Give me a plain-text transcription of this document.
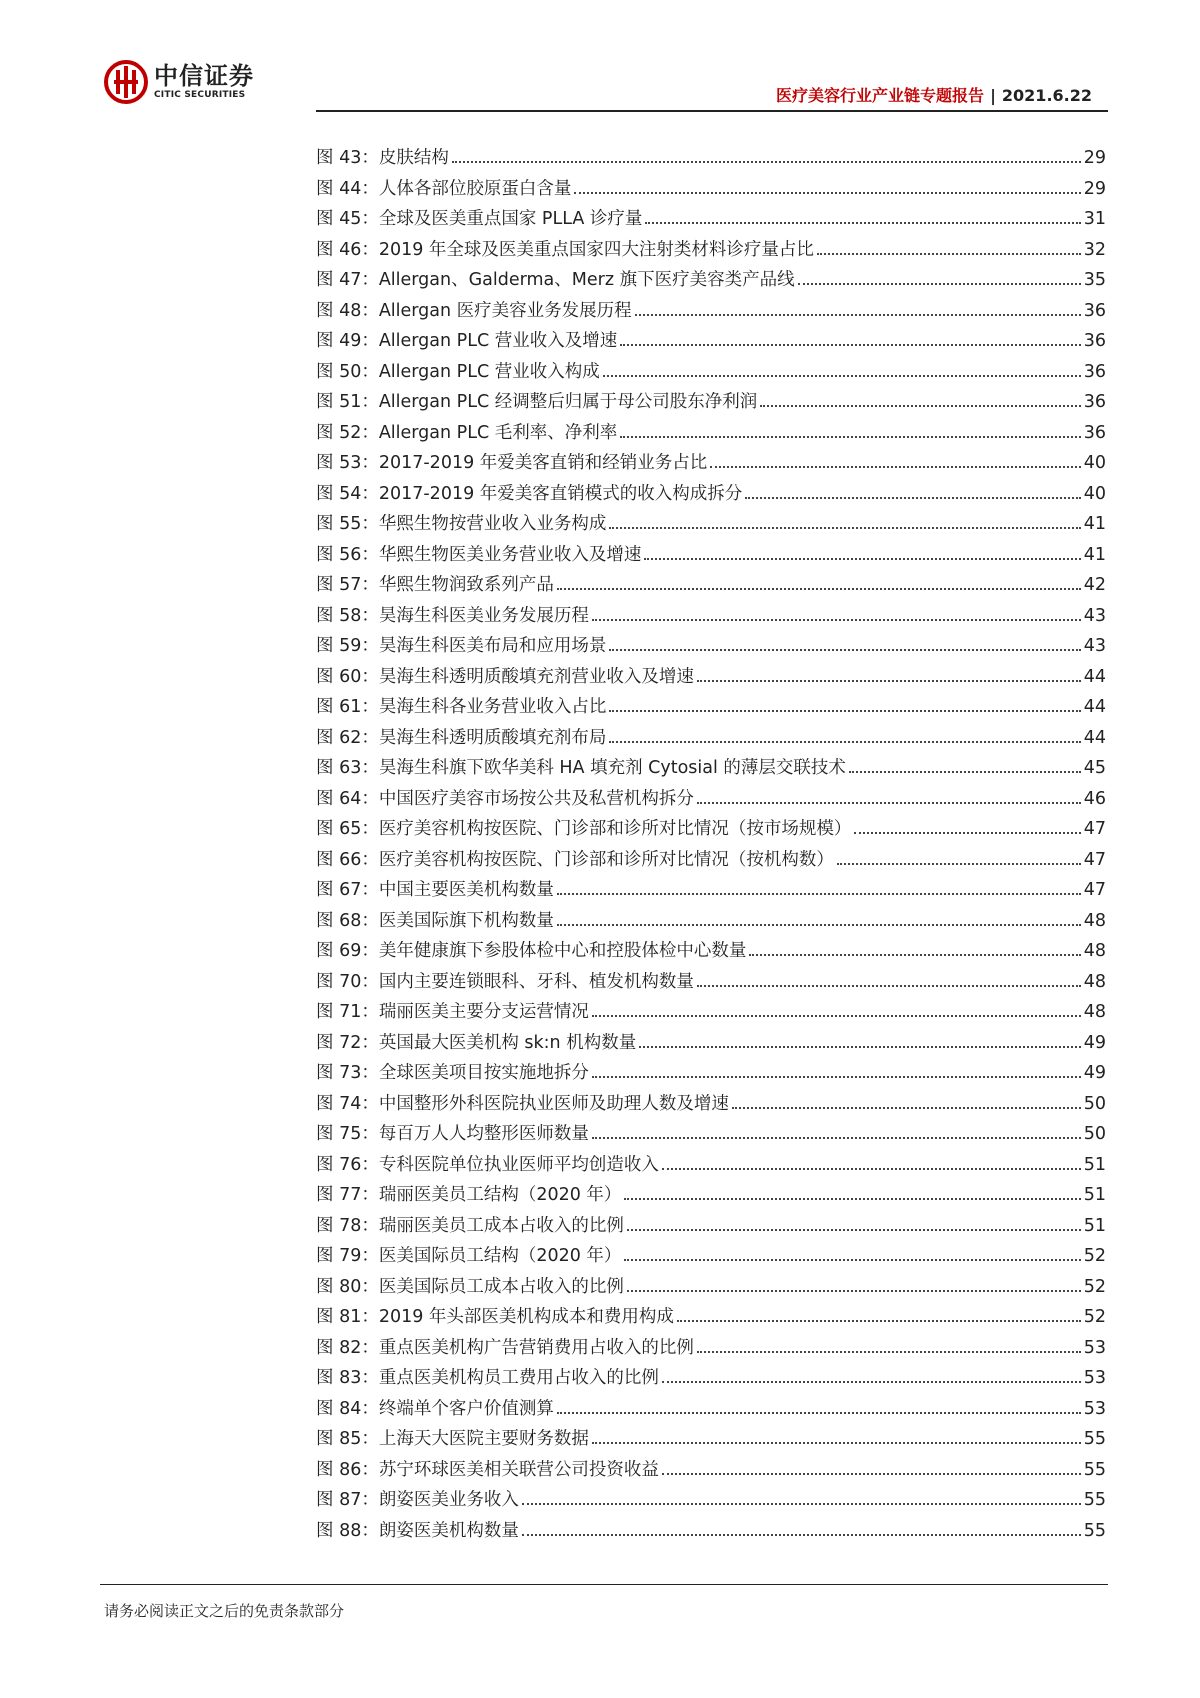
中信证券
CITIC SECURITIES	医疗美容行业产业链专题报告 | 2021.6.22
图 43：皮肤结构	29
图 44：人体各部位胶原蛋白含量	29
图 45：全球及医美重点国家 PLLA 诊疗量	31
图 46：2019 年全球及医美重点国家四大注射类材料诊疗量占比	32
图 47：Allergan、Galderma、Merz 旗下医疗美容类产品线	35
图 48：Allergan 医疗美容业务发展历程	36
图 49：Allergan PLC 营业收入及增速	36
图 50：Allergan PLC 营业收入构成	36
图 51：Allergan PLC 经调整后归属于母公司股东净利润	36
图 52：Allergan PLC 毛利率、净利率	36
图 53：2017-2019 年爱美客直销和经销业务占比	40
图 54：2017-2019 年爱美客直销模式的收入构成拆分	40
图 55：华熙生物按营业收入业务构成	41
图 56：华熙生物医美业务营业收入及增速	41
图 57：华熙生物润致系列产品	42
图 58：昊海生科医美业务发展历程	43
图 59：昊海生科医美布局和应用场景	43
图 60：昊海生科透明质酸填充剂营业收入及增速	44
图 61：昊海生科各业务营业收入占比	44
图 62：昊海生科透明质酸填充剂布局	44
图 63：昊海生科旗下欧华美科 HA 填充剂 Cytosial 的薄层交联技术	45
图 64：中国医疗美容市场按公共及私营机构拆分	46
图 65：医疗美容机构按医院、门诊部和诊所对比情况（按市场规模）	47
图 66：医疗美容机构按医院、门诊部和诊所对比情况（按机构数）	47
图 67：中国主要医美机构数量	47
图 68：医美国际旗下机构数量	48
图 69：美年健康旗下参股体检中心和控股体检中心数量	48
图 70：国内主要连锁眼科、牙科、植发机构数量	48
图 71：瑞丽医美主要分支运营情况	48
图 72：英国最大医美机构 sk:n 机构数量	49
图 73：全球医美项目按实施地拆分	49
图 74：中国整形外科医院执业医师及助理人数及增速	50
图 75：每百万人人均整形医师数量	50
图 76：专科医院单位执业医师平均创造收入	51
图 77：瑞丽医美员工结构（2020 年）	51
图 78：瑞丽医美员工成本占收入的比例	51
图 79：医美国际员工结构（2020 年）	52
图 80：医美国际员工成本占收入的比例	52
图 81：2019 年头部医美机构成本和费用构成	52
图 82：重点医美机构广告营销费用占收入的比例	53
图 83：重点医美机构员工费用占收入的比例	53
图 84：终端单个客户价值测算	53
图 85：上海天大医院主要财务数据	55
图 86：苏宁环球医美相关联营公司投资收益	55
图 87：朗姿医美业务收入	55
图 88：朗姿医美机构数量	55
请务必阅读正文之后的免责条款部分
